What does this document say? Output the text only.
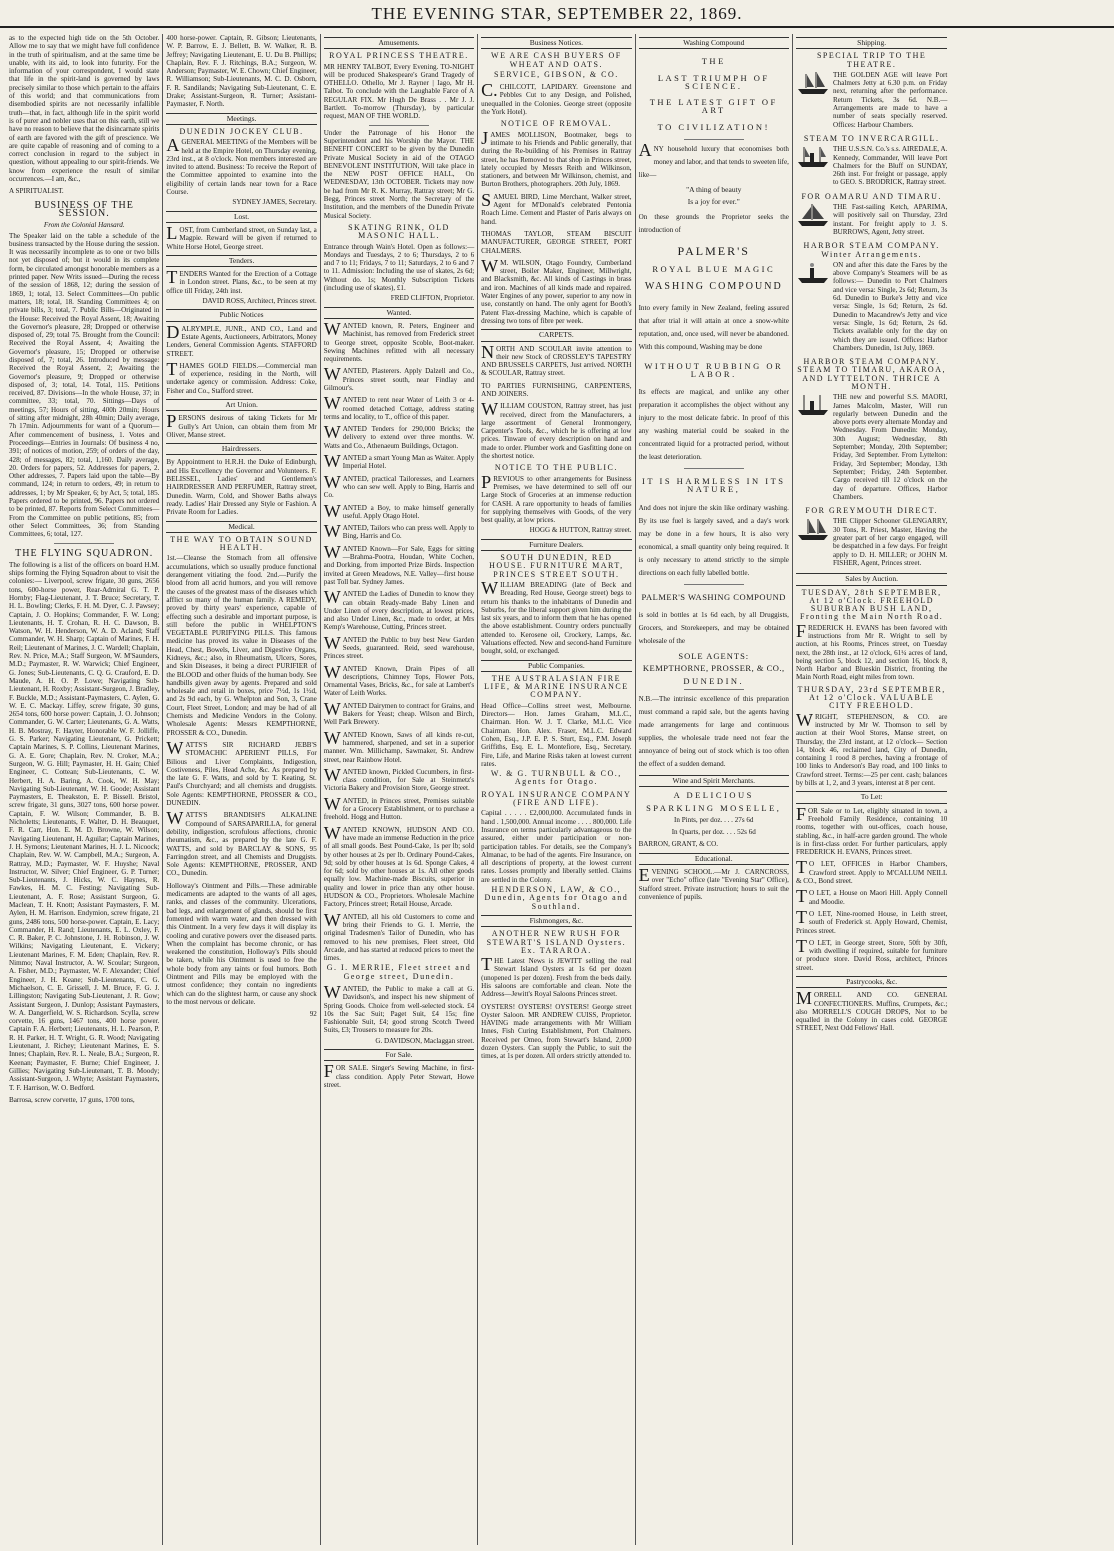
THE EVENING STAR, SEPTEMBER 22, 1869.
as to the expected high tide on the 5th October. Allow me to say that we might have full confidence in the truth of spiritualism, and at the same time be unable, with its aid, to look into futurity. For the information of your correspondent, I would state that life in the spirit-land is governed by laws precisely similar to those which pertain to the affairs of this world; and that communications from disembodied spirits are not necessarily infallible truth—that, in fact, although life in the spirit world is of purer and nobler uses that on this earth, still we have no reason to believe that the disincarnate spirits of earth are favored with the gift of prescience. We are quite capable of reasoning and of coming to a correct conclusion in regard to the subject in question, without appealing to our spirit-friends. We know from experience the result of similar occurrences.—I am, &c.,
A SPIRITUALIST.
BUSINESS OF THE SESSION.
From the Colonial Hansard.
The Speaker laid on the table a schedule of the business transacted by the House during the session. It was necessarily incomplete as to one or two bills not yet disposed of; but it would in its complete form, be circulated amongst honorable members as a printed paper. New Writs issued—During the recess of the session of 1868, 12; during the session of 1869, 1; total, 13. Select Committees—On public matters, 18; total, 18. Standing Committees 4; on private bills, 3; total, 7. Public Bills—Originated in the House: Received the Royal Assent, 18; Awaiting the Governor's pleasure, 28; Dropped or otherwise disposed of, 29; total 75. Brought from the Council: Received the Royal Assent, 4; Awaiting the Governor's pleasure, 15; Dropped or otherwise disposed of, 7; total, 26. Introduced by message: Received the Royal Assent, 2; Awaiting the Governor's pleasure, 9; Dropped or otherwise disposed of, 3; total, 14. Total, 115. Petitions received, 87. Divisions—In the whole House, 37; in committee, 33; total, 70. Sittings—Days of meetings, 57; Hours of sitting, 400h 20min; Hours of sitting after midnight, 28h 40min; Daily average, 7h 17min. Adjournments for want of a Quorum—After commencement of business, 1. Votes and Proceedings—Entries in Journals: Of business 4 no, 391; of notices of motion, 259; of orders of the day, 428; of messages, 82; total, 1,160. Daily average, 20. Orders for papers, 52. Addresses for papers, 2. Other addresses, 7. Papers laid upon the table—By command, 124; in return to orders, 49; in return to addresses, 1; by Mr Speaker, 6; by Act, 5; total, 185. Papers ordered to be printed, 96. Papers not ordered to be printed, 87. Reports from Select Committees—From the Committee on public petitions, 85; from other Select Committees, 36; from Standing Committees, 6; total, 127.
THE FLYING SQUADRON.
The following is a list of the officers on board H.M. ships forming the Flying Squadron about to visit the colonies:— Liverpool, screw frigate, 30 guns, 2656 tons, 600-horse power, Rear-Admiral G. T. P. Hornby; Flag-Lieutenant, J. T. Bruce; Secretary, T. H. L. Bowling; Clerks, F. H. M. Dyer, C. J. Pawsey; Captain, J. O. Hopkins; Commander, F. W. Long; Lieutenants, H. T. Crohan, R. H. C. Dawson, B. Watson, W. H. Henderson, W. A. D. Acland; Staff Commander, W. H. Sharp; Captain of Marines, F. H. Reil; Lieutenant of Marines, J. C. Wardell; Chaplain, Rev. N. Price, M.A.; Staff Surgeon, W. M'Saunders, M.D.; Paymaster, R. W. Warwick; Chief Engineer, G. Jones; Sub-Lieutenants, C. Q. G. Crauford, E. D. Maude, A. H. O. P. Lowe; Navigating Sub-Lieutenant, H. Roxby; Assistant-Surgeon, J. Bradley, F. Buckle, M.D.; Assistant-Paymasters, C. Aylen, G. W. E. C. Mackay. Liffey, screw frigate, 30 guns, 2654 tons, 600 horse power: Captain, J. O. Johnson; Commander, G. W. Carter; Lieutenants, G. A. Watts, H. B. Mostray, F. Hayter, Honorable W. F. Jolliffe, G. S. Parker; Navigating Lieutenant, G. Prickett; Captain Marines, S. P. Collins, Lieutenant Marines, G. A. E. Gore; Chaplain, Rev. N. Croker, M.A.; Surgeon, W. G. Hill; Paymaster, H. H. Gain; Chief Engineer, C. Cottean; Sub-Lieutenants, C. W. Herbert, H. A. Baring, A. Cook, W. H. May; Navigating Sub-Lieutenant, W. H. Goode; Assistant Paymasters, E. Theakston, E. P. Bissell. Bristol, screw frigate, 31 guns, 3027 tons, 600 horse power. Captain, F. W. Wilson; Commander, B. B. Nicholetts; Lieutenants, F. Walter, D. H. Beauquet, F. R. Carr, Hon. E. M. D. Browne, W. Wilson; Navigating Lieutenant, H. Aguilar; Captain Marines, J. H. Symons; Lieutenant Marines, H. J. L. Nicoock; Chaplain, Rev. W. W. Campbell, M.A.; Surgeon, A. Rattray, M.D.; Paymaster, W. F. Huyshe; Naval Instructor, W. Silver; Chief Engineer, G. P. Turner; Sub-Lieutenants, J. Hicks, W. C. Haynes, R. Fawkes, H. M. C. Festing; Navigating Sub-Lieutenant, A. F. Rose; Assistant Surgeon, G. Maclean, T. H. Knott; Assistant Paymasters, F. M. Aylen, H. M. Harrison. Endymion, screw frigate, 21 guns, 2486 tons, 500 horse-power. Captain, E. Lacy; Commander, H. Rand; Lieutenants, E. L. Oxley, F. C. R. Baker, P. C. Johnstone, J. H. Robinson, J. W. Wilkins; Navigating Lieutenant, E. Vickery; Lieutenant Marines, F. M. Eden; Chaplain, Rev. R. Nimmo; Naval Instructor, A. W. Scoular; Surgeon, A. Fisher, M.D.; Paymaster, W. F. Alexander; Chief Engineer, J. H. Keane; Sub-Lieutenants, C. G. Michaelson, C. E. Grissell, J. M. Bruce, F. G. J. Lillingston; Navigating Sub-Lieutenant, J. R. Gow; Assistant Surgeon, J. Dunlop; Assistant Paymasters, W. A. Dangerfield, W. S. Richardson. Scylla, screw corvette, 16 guns, 1467 tons, 400 horse power. Captain F. A. Herbert; Lieutenants, H. L. Pearson, P. R. H. Parker, H. T. Wright, G. R. Wood; Navigating Lieutenant, J. Richey; Lieutenant Marines, E. S. Innes; Chaplain, Rev. R. L. Neale, B.A.; Surgeon, R. Keenan; Paymaster, F. Burne; Chief Engineer, J. Gillies; Navigating Sub-Lieutenant, T. B. Moody; Assistant-Surgeon, J. Whyte; Assistant Paymasters, T. F. Harrison, W. O. Bedford.
Barrosa, screw corvette, 17 guns, 1700 tons,
400 horse-power. Captain, R. Gibson; Lieutenants, W. P. Barrow, E. J. Bellett, B. W. Walker, R. B. Jeffrey; Navigating Lieutenant, E. U. Du B. Phillips; Chaplain, Rev. F. J. Ritchings, B.A.; Surgeon, W. Anderson; Paymaster, W. E. Chown; Chief Engineer, R. Williamson; Sub-Lieutenants, M. C. D. Osborn, F. R. Sandilands; Navigating Sub-Lieutenant, C. E. Drake; Assistant-Surgeon, R. Turner; Assistant-Paymaster, F. North.
Meetings.

DUNEDIN JOCKEY CLUB.

AGENERAL MEETING of the Members will be held at the Empire Hotel, on Thursday evening, 23rd inst., at 8 o'clock. Non members interested are invited to attend. Business: To receive the Report of the Committee appointed to examine into the eligibility of certain lands near town for a Race Course.

SYDNEY JAMES, Secretary.

Lost.
LOST, from Cumberland street, on Sunday last, a Magpie. Reward will be given if returned to White Horse Hotel, George street.
Tenders.

TENDERS Wanted for the Erection of a Cottage in London street. Plans, &c., to be seen at my office till Friday, 24th inst.

DAVID ROSS, Architect, Princes street.

Public Notices
DALRYMPLE, JUNR., AND CO., Land and Estate Agents, Auctioneers, Arbitrators, Money Lenders, General Commission Agents. STAFFORD STREET.
THAMES GOLD FIELDS.—Commercial man of experience, residing in the North, will undertake agency or commission. Address: Coke, Fisher and Co., Stafford street.
Art Union.
PERSONS desirous of taking Tickets for Mr Gully's Art Union, can obtain them from Mr Oliver, Manse street.
Hairdressers.
By Appointment to H.R.H. the Duke of Edinburgh, and His Excellency the Governor and Volunteers. F. BELISSEL, Ladies' and Gentlemen's HAIRDRESSER AND PERFUMER, Rattray street, Dunedin. Warm, Cold, and Shower Baths always ready. Ladies' Hair Dressed any Style or Fashion. A Private Room for Ladies.
Medical.

THE WAY TO OBTAIN SOUND HEALTH.

1st.—Cleanse the Stomach from all offensive accumulations, which so usually produce functional derangement vitiating the food. 2nd.—Purify the blood from all acrid humors, and you will remove the causes of the greatest mass of the diseases which afflict so many of the human family. A REMEDY, proved by thirty years' experience, capable of effecting such a desirable and important purpose, is still before the public in WHELPTON'S VEGETABLE PURIFYING PILLS. This famous medicine has proved its value in Diseases of the Head, Chest, Bowels, Liver, and Digestive Organs, Kidneys, &c.; also, in Rheumatism, Ulcers, Sores, and Skin Diseases, it being a direct PURIFIER of the BLOOD and other fluids of the human body. See handbills given away by agents. Prepared and sold wholesale and retail in boxes, price 7½d, 1s 1½d, and 2s 9d each, by G. Whelpton and Son, 3, Crane Court, Fleet Street, London; and may be had of all Chemists and Medicine Vendors in the Colony. Wholesale Agents: Messrs KEMPTHORNE, PROSSER & CO., Dunedin.

WATTS'S SIR RICHARD JEBB'S STOMACHIC APERIENT PILLS, For Bilious and Liver Complaints, Indigestion, Costiveness, Piles, Head Ache, &c. As prepared by the late G. F. Watts, and sold by T. Keating, St. Paul's Churchyard; and all chemists and druggists. Sole Agents: KEMPTHORNE, PROSSER & CO., DUNEDIN.
WATTS'S BRANDISH'S ALKALINE Compound of SARSAPARILLA, for general debility, indigestion, scrofulous affections, chronic rheumatism, &c., as prepared by the late G. F. WATTS, and sold by BARCLAY & SONS, 95 Farringdon street, and all Chemists and Druggists. Sole Agents: KEMPTHORNE, PROSSER, AND CO., Dunedin.
Holloway's Ointment and Pills.—These admirable medicaments are adapted to the wants of all ages, ranks, and classes of the community. Ulcerations, bad legs, and enlargement of glands, should be first fomented with warm water, and then dressed with this Ointment. In a very few days it will display its cooling and curative powers over the diseased parts. When the complaint has become chronic, or has weakened the constitution, Holloway's Pills should be taken, while his Ointment is used to free the whole body from any taints or foul humors. Both Ointment and Pills may be employed with the utmost confidence; they contain no ingredients which can do the slightest harm, or cause any shock to the most nervous or delicate.
92
Amusements.

ROYAL PRINCESS THEATRE.

MR HENRY TALBOT, Every Evening. TO-NIGHT will be produced Shakespeare's Grand Tragedy of OTHELLO. Othello, Mr J. Rayner | Iago, Mr H. Talbot. To conclude with the Laughable Farce of A REGULAR FIX. Mr Hugh De Brass . . Mr J. J. Bartlett. To-morrow (Thursday), by particular request, MAN OF THE WORLD.

Under the Patronage of his Honor the Superintendent and his Worship the Mayor. THE BENEFIT CONCERT to be given by the Dunedin Private Musical Society in aid of the OTAGO BENEVOLENT INSTITUTION, Will take place in the NEW POST OFFICE HALL, On WEDNESDAY, 13th OCTOBER. Tickets may now be had from Mr R. K. Murray, Rattray street; Mr G. Begg, Princes street North; the Secretary of the Institution, and the members of the Dunedin Private Musical Society.

SKATING RINK, OLD MASONIC HALL.

Entrance through Wain's Hotel. Open as follows:—Mondays and Tuesdays, 2 to 6; Thursdays, 2 to 6 and 7 to 11; Fridays, 7 to 11; Saturdays, 2 to 6 and 7 to 11. Admission: Including the use of skates, 2s 6d; Without do. 1s; Monthly Subscription Tickets (including use of skates), £1.

FRED CLIFTON, Proprietor.

Wanted.
WANTED known, R. Peters, Engineer and Machinist, has removed from Frederick street to George street, opposite Scoble, Boot-maker. Sewing Machines refitted with all necessary requirements.
WANTED, Plasterers. Apply Dalzell and Co., Princes street south, near Findlay and Gilmour's.
WANTED to rent near Water of Leith 3 or 4-roomed detached Cottage, address stating terms and locality, to T., office of this paper.
WANTED Tenders for 290,000 Bricks; the delivery to extend over three months. W. Watts and Co., Athenaeum Buildings, Octagon.
WANTED a smart Young Man as Waiter. Apply Imperial Hotel.
WANTED, practical Tailoresses, and Learners who can sew well. Apply to Bing, Harris and Co.
WANTED a Boy, to make himself generally useful. Apply Otago Hotel.
WANTED, Tailors who can press well. Apply to Bing, Harris and Co.
WANTED Known—For Sale, Eggs for sitting—Brahma-Pootra, Houdan, White Cochen, and Dorking, from imported Prize Birds. Inspection invited at Green Meadows, N.E. Valley—first house past Toll bar. Sydney James.
WANTED the Ladies of Dunedin to know they can obtain Ready-made Baby Linen and Under Linen of every description, at lowest prices, and also Under Linen, &c., made to order, at Mrs Kemp's Warehouse, Cutting, Princes street.
WANTED the Public to buy best New Garden Seeds, guaranteed. Reid, seed warehouse, Princes street.
WANTED Known, Drain Pipes of all descriptions, Chimney Tops, Flower Pots, Ornamental Vases, Bricks, &c., for sale at Lambert's Water of Leith Works.
WANTED Dairymen to contract for Grains, and Bakers for Yeast; cheap. Wilson and Birch, Well Park Brewery.
WANTED Known, Saws of all kinds re-cut, hammered, sharpened, and set in a superior manner. Wm. Millichamp, Sawmaker, St. Andrew street, near Rainbow Hotel.
WANTED known, Pickled Cucumbers, in first-class condition, for Sale at Steinmetz's Victoria Bakery and Provision Store, George street.
WANTED, in Princes street, Premises suitable for a Grocery Establishment, or to purchase a freehold. Hogg and Hutton.
WANTED KNOWN, HUDSON AND CO. have made an immense Reduction in the price of all small goods. Best Pound-Cake, 1s per lb; sold by other houses at 2s per lb. Ordinary Pound-Cakes, 9d; sold by other houses at 1s 6d. Sponge Cakes, 4 for 6d; sold by other houses at 1s. All other goods equally low. Machine-made Biscuits, superior in quality and lower in price than any other house. HUDSON & CO., Proprietors. Wholesale Machine Factory, Princes street; Retail House, Arcade.

WANTED, all his old Customers to come and bring their Friends to G. I. Merrie, the original Tradesmen's Tailor of Dunedin, who has removed to his new premises, Fleet street, Old Arcade, and has started at reduced prices to meet the times.

G. I. MERRIE, Fleet street and George street, Dunedin.

WANTED, the Public to make a call at G. Davidson's, and inspect his new shipment of Spring Goods. Choice from well-selected stock. £4 10s the Sac Suit; Paget Suit, £4 15s; fine Fashionable Suit, £4; good strong Scotch Tweed Suits, £3; Trousers to measure for 20s.

G. DAVIDSON, Maclaggan street.

For Sale.
FOR SALE. Singer's Sewing Machine, in first-class condition. Apply Peter Stewart, Howe street.
Business Notices.

WE ARE CASH BUYERS OF WHEAT AND OATS.

SERVICE, GIBSON, & CO.

C.CHILCOTT, LAPIDARY. Greenstone and Pebbles Cut to any Design, and Polished, unequalled in the Colonies. George street (opposite the York Hotel).

NOTICE OF REMOVAL.

JAMES MOLLISON, Bootmaker, begs to intimate to his Friends and Public generally, that during the Re-building of his Premises in Rattray street, he has Removed to that shop in Princes street, lately occupied by Messrs Reith and Wilkinson, stationers, and between Mr Wilkinson, chemist, and Burton Brothers, photographers. 20th July, 1869.

SAMUEL BIRD, Lime Merchant, Walker street, Agent for M'Donald's celebrated Pentonia Roach Lime. Cement and Plaster of Paris always on hand.
THOMAS TAYLOR, STEAM BISCUIT MANUFACTURER, GEORGE STREET, PORT CHALMERS.
WM. WILSON, Otago Foundry, Cumberland street, Boiler Maker, Engineer, Millwright, and Blacksmith, &c. All kinds of Castings in brass and iron. Machines of all kinds made and repaired. Water Engines of any power, superior to any now in use, constantly on hand. The only agent for Booth's Patent Flax-dressing Machine, which is capable of dressing two tons of fibre per week.
CARPETS.
NORTH AND SCOULAR invite attention to their new Stock of CROSSLEY'S TAPESTRY AND BRUSSELS CARPETS, Just arrived. NORTH & SCOULAR, Rattray street.
TO PARTIES FURNISHING, CARPENTERS, AND JOINERS.
WILLIAM COUSTON, Rattray street, has just received, direct from the Manufacturers, a large assortment of General Ironmongery, Carpenter's Tools, &c., which he is offering at low prices. Tinware of every description on hand and made to order. Plumber work and Gasfitting done on the shortest notice.

NOTICE TO THE PUBLIC.

PREVIOUS to other arrangements for Business Premises, we have determined to sell off our Large Stock of Groceries at an immense reduction for CASH. A rare opportunity to heads of families for supplying themselves with Goods, of the very best quality, at low prices.

HOGG & HUTTON, Rattray street.

Furniture Dealers.

SOUTH DUNEDIN, RED HOUSE. FURNITURE MART, PRINCES STREET SOUTH.

WILLIAM BREADING (late of Beck and Breading, Red House, George street) begs to return his thanks to the inhabitants of Dunedin and Suburbs, for the liberal support given him during the last six years, and to inform them that he has opened the above establishment. Country orders punctually attended to. Kerosene oil, Crockery, Lamps, &c. Valuations effected. New and second-hand Furniture bought, sold, or exchanged.

Public Companies.

THE AUSTRALASIAN FIRE LIFE, & MARINE INSURANCE COMPANY.

Head Office—Collins street west, Melbourne. Directors— Hon. James Graham, M.L.C., Chairman. Hon. W. J. T. Clarke, M.L.C. Vice Chairman. Hon. Alex. Fraser, M.L.C. Edward Cohen, Esq., J.P. E. P. S. Sturt, Esq., P.M. Joseph Griffiths, Esq. E. L. Montefiore, Esq., Secretary. Fire, Life, and Marine Risks taken at lowest current rates.

W. & G. TURNBULL & CO., Agents for Otago.

ROYAL INSURANCE COMPANY (FIRE AND LIFE).

Capital . . . . . £2,000,000. Accumulated funds in hand . 1,500,000. Annual income . . . . 800,000. Life Insurance on terms particularly advantageous to the assured, either under participation or non-participation tables. For details, see the Company's Almanac, to be had of the agents. Fire Insurance, on all descriptions of property, at the lowest current rates. Losses promptly and liberally settled. Claims are settled in the Colony.

HENDERSON, LAW, & CO., Dunedin, Agents for Otago and Southland.

Fishmongers, &c.

ANOTHER NEW RUSH FOR STEWART'S ISLAND Oysters. Ex. TARAROA.

THE Latest News is JEWITT selling the real Stewart Island Oysters at 1s 6d per dozen (unopened 1s per dozen). Fresh from the beds daily. His saloons are comfortable and clean. Note the Address—Jewitt's Royal Saloons Princes street.

OYSTERS! OYSTERS! OYSTERS! George street Oyster Saloon. MR ANDREW CUISS, Proprietor. HAVING made arrangements with Mr William Innes, Fish Curing Establishment, Port Chalmers. Received per Omeo, from Stewart's Island, 2,000 dozen Oysters. Can supply the Public, to suit the times, at 1s per dozen. All orders strictly attended to.
Washing Compound
THE
LAST TRIUMPH OF SCIENCE.
THE LATEST GIFT OF ART
TO CIVILIZATION!
ANY household luxury that economises both money and labor, and that tends to sweeten life, like—
"A thing of beauty
Is a joy for ever."
On these grounds the Proprietor seeks the introduction of
PALMER'S
ROYAL BLUE MAGIC
WASHING COMPOUND
Into every family in New Zealand, feeling assured that after trial it will attain at once a snow-white reputation, and, once used, will never be abandoned. With this compound, Washing may be done
WITHOUT RUBBING OR LABOR.
Its effects are magical, and unlike any other preparation it accomplishes the object without any injury to the most delicate fabric. In proof of this any washing material could be soaked in the concentrated liquid for a protracted period, without the least deterioration.
IT IS HARMLESS IN ITS NATURE,
And does not injure the skin like ordinary washing. By its use fuel is largely saved, and a day's work may be done in a few hours, It is also very economical, a small quantity only being required. It is only necessary to attend strictly to the simple directions on each fully labelled bottle.
PALMER'S WASHING COMPOUND
is sold in bottles at 1s 6d each, by all Druggists, Grocers, and Storekeepers, and may be obtained wholesale of the
SOLE AGENTS:
KEMPTHORNE, PROSSER, & CO.,
DUNEDIN.
N.B.—The intrinsic excellence of this preparation must command a rapid sale, but the agents having made arrangements for large and continuous supplies, the wholesale trade need not fear the annoyance of being out of stock which is too often the effect of a sudden demand.
Wine and Spirit Merchants.
A DELICIOUS
SPARKLING MOSELLE,
In Pints, per doz. . . . 27s 6d
In Quarts, per doz. . . . 52s 6d
BARRON, GRANT, & CO.
Educational.
EVENING SCHOOL.—Mr J. CARNCROSS, over "Echo" office (late "Evening Star" Office), Stafford street. Private instruction; hours to suit the convenience of pupils.
Shipping.

SPECIAL TRIP TO THE THEATRE.

THE GOLDEN AGE will leave Port Chalmers Jetty at 6.30 p.m. on Friday next, returning after the performance. Return Tickets, 3s 6d. N.B.—Arrangements are made to have a number of seats specially reserved. Offices: Harbour Chambers.

STEAM TO INVERCARGILL.

THE U.S.S.N. Co.'s s.s. AIREDALE, A. Kennedy, Commander, Will leave Port Chalmers for the Bluff on SUNDAY, 26th inst. For freight or passage, apply to GEO. S. BRODRICK, Rattray street.

FOR OAMARU AND TIMARU.

THE Fast-sailing Ketch, APARIMA, will positively sail on Thursday, 23rd instant. For freight apply to J. S. BURROWS, Agent, Jetty street.

HARBOR STEAM COMPANY. Winter Arrangements.

ON and after this date the Fares by the above Company's Steamers will be as follows:— Dunedin to Port Chalmers and vice versa: Single, 2s 6d; Return, 3s 6d. Dunedin to Burke's Jetty and vice versa: Single, 1s 6d; Return, 2s 6d. Dunedin to Macandrew's Jetty and vice versa: Single, 1s 6d; Return, 2s 6d. Tickets available only for the day on which they are issued. Offices: Harbor Chambers. Dunedin, 1st July, 1869.

HARBOR STEAM COMPANY. STEAM TO TIMARU, AKAROA, AND LYTTELTON. THRICE A MONTH.

THE new and powerful S.S. MAORI, James Malcolm, Master, Will run regularly between Dunedin and the above ports every alternate Monday and Wednesday. From Dunedin: Monday, 30th August; Wednesday, 8th September; Monday, 20th September; Friday, 3rd September. From Lyttelton: Friday, 3rd September; Monday, 13th September; Friday, 24th September. Cargo received till 12 o'clock on the day of departure. Offices, Harbor Chambers.

FOR GREYMOUTH DIRECT.

THE Clipper Schooner GLENGARRY, 30 Tons, R. Priest, Master, Having the greater part of her cargo engaged, will be despatched in a few days. For freight apply to D. H. MILLER; or JOHN M. FISHER, Agent, Princes street.

Sales by Auction.

TUESDAY, 28th SEPTEMBER, At 12 o'Clock. FREEHOLD SUBURBAN BUSH LAND, Fronting the Main North Road.

FREDERICK H. EVANS has been favored with instructions from Mr R. Wright to sell by auction, at his Rooms, Princes street, on Tuesday next, the 28th inst., at 12 o'clock, 61¼ acres of land, being section 5, block 12, and section 16, block 8, North Harbor and Blueskin District, fronting the Main North Road, eight miles from town.

THURSDAY, 23rd SEPTEMBER, At 12 o'Clock. VALUABLE CITY FREEHOLD.

WRIGHT, STEPHENSON, & CO. are instructed by Mr W. Thomson to sell by auction at their Wool Stores, Manse street, on Thursday, the 23rd instant, at 12 o'clock— Section 14, block 46, reclaimed land, City of Dunedin, containing 1 rood 8 perches, having a frontage of 100 links to Anderson's Bay road, and 100 links to Crawford street. Terms:—25 per cent. cash; balances by bills at 1, 2, and 3 years, interest at 8 per cent.

To Let:
FOR Sale or to Let, eligibly situated in town, a Freehold Family Residence, containing 10 rooms, together with out-offices, coach house, stabling, &c., in half-acre garden ground. The whole is in first-class order. For further particulars, apply FREDERICK H. EVANS, Princes street.
TO LET, OFFICES in Harbor Chambers, Crawford street. Apply to M'CALLUM NEILL & CO., Bond street.
TO LET, a House on Maori Hill. Apply Connell and Moodie.
TO LET, Nine-roomed House, in Leith street, south of Frederick st. Apply Howard, Chemist, Princes street.
TO LET, in George street, Store, 50ft by 30ft, with dwelling if required, suitable for furniture or produce store. David Ross, architect, Princes street.
Pastrycooks, &c.
MORRELL AND CO. GENERAL CONFECTIONERS. Muffins, Crumpets, &c.; also MORRELL'S COUGH DROPS, Not to be equalled in the Colony in cases cold. GEORGE STREET, Next Odd Fellows' Hall.
